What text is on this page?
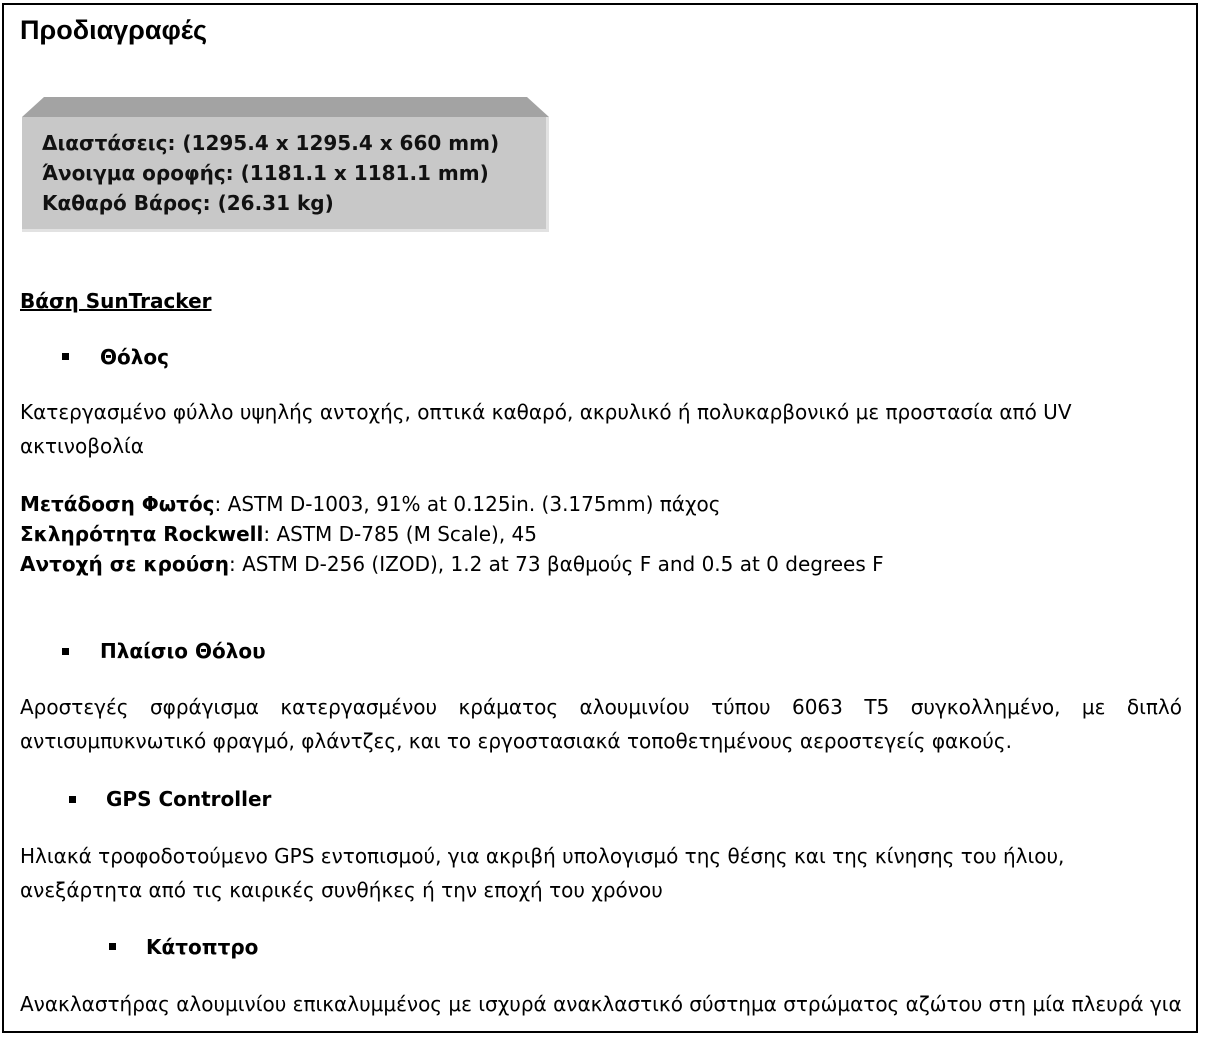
Προδιαγραφές
Διαστάσεις: (1295.4 x 1295.4 x 660 mm)
Άνοιγμα οροφής: (1181.1 x 1181.1 mm)
Καθαρό Βάρος: (26.31 kg)
Βάση SunTracker
Θόλος
Κατεργασμένο φύλλο υψηλής αντοχής, οπτικά καθαρό, ακρυλικό ή πολυκαρβονικό με προστασία από UV ακτινοβολία
Μετάδοση Φωτός: ASTM D-1003, 91% at 0.125in. (3.175mm) πάχος
Σκληρότητα Rockwell: ASTM D-785 (M Scale), 45
Αντοχή σε κρούση: ASTM D-256 (IZOD), 1.2 at 73 βαθμούς F and 0.5 at 0 degrees F
Πλαίσιο Θόλου
Αροστεγές σφράγισμα κατεργασμένου κράματος αλουμινίου τύπου 6063 T5 συγκολλημένο, με διπλό αντισυμπυκνωτικό φραγμό, φλάντζες, και το εργοστασιακά τοποθετημένους αεροστεγείς φακούς.
GPS Controller
Ηλιακά τροφοδοτούμενο GPS εντοπισμού, για ακριβή υπολογισμό της θέσης και της κίνησης του ήλιου, ανεξάρτητα από τις καιρικές συνθήκες ή την εποχή του χρόνου
Κάτοπτρο
Ανακλαστήρας αλουμινίου επικαλυμμένος με ισχυρά ανακλαστικό σύστημα στρώματος αζώτου στη μία πλευρά για
